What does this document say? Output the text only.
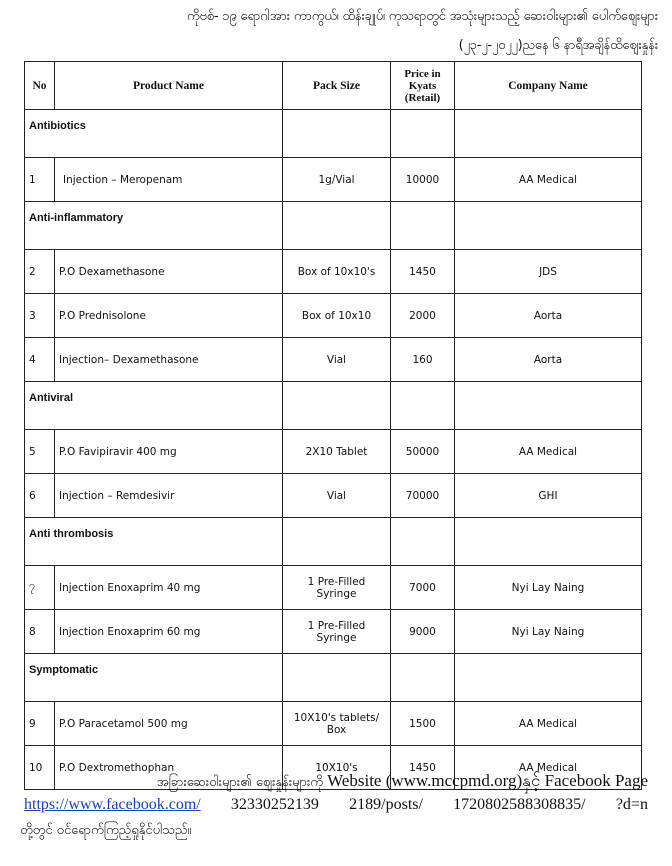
ကိုဗစ်- ၁၉ ရောဂါအား ကာကွယ်၊ ထိန်းချုပ်၊ ကုသရာတွင် အသုံးများသည့် ဆေးဝါးများ၏ ပေါက်ဈေးများ
(၂၃-၂-၂၀၂၂)ညနေ ၆ နာရီအချိန်ထိဈေးနှုန်း
No	Product Name	Pack Size	Price in Kyats (Retail)	Company Name
Antibiotics				
1	Injection – Meropenam	1g/Vial	10000	AA Medical
Anti-inflammatory				
2	P.O Dexamethasone	Box of 10x10's	1450	JDS
3	P.O Prednisolone	Box of 10x10	2000	Aorta
4	Injection– Dexamethasone	Vial	160	Aorta
Antiviral				
5	P.O Favipiravir 400 mg	2X10 Tablet	50000	AA Medical
6	Injection – Remdesivir	Vial	70000	GHI
Anti thrombosis				
၇	Injection Enoxaprim 40 mg	1 Pre-Filled Syringe	7000	Nyi Lay Naing
8	Injection Enoxaprim 60 mg	1 Pre-Filled Syringe	9000	Nyi Lay Naing
Symptomatic				
9	P.O Paracetamol 500 mg	10X10's tablets/ Box	1500	AA Medical
10	P.O Dextromethophan	10X10's	1450	AA Medical
အခြားဆေးဝါးများ၏ ဈေးနှုန်းများကို Website (www.mccpmd.org)နှင့် Facebook Page
https://www.facebook.com/ 32330252139 2189/posts/ 1720802588308835/ ?d=n
တို့တွင် ဝင်ရောက်ကြည့်ရှုနိုင်ပါသည်။
